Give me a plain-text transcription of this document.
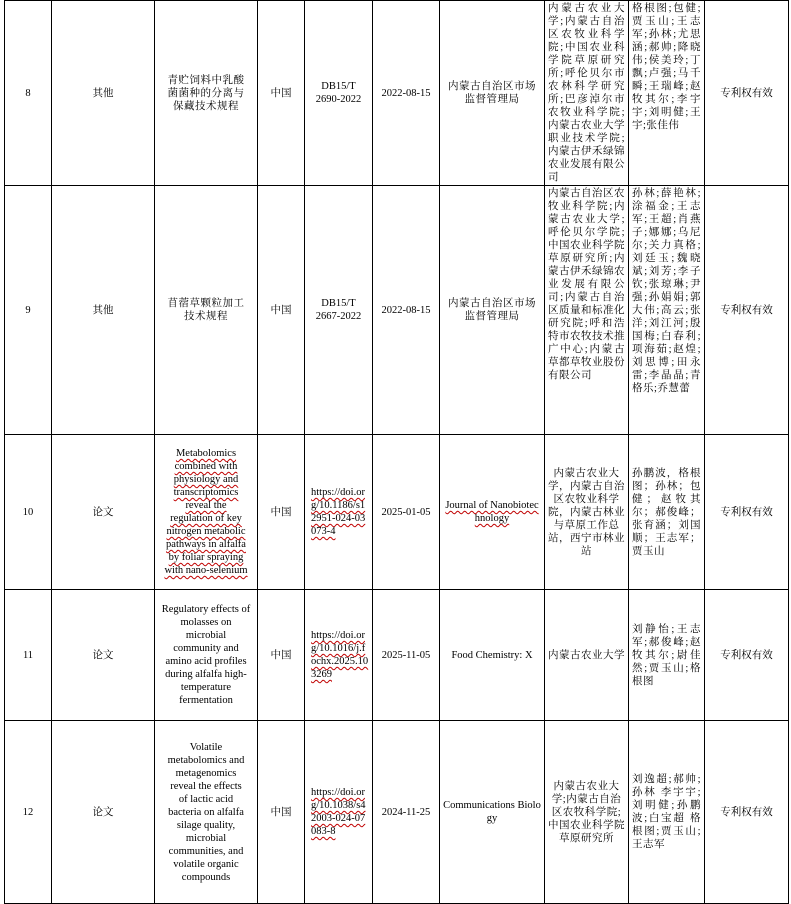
8	其他	青贮饲料中乳酸菌菌种的分离与保藏技术规程	中国	DB15/T 2690-2022	2022-08-15	内蒙古自治区市场监督管理局	内蒙古农业大学;内蒙古自治区农牧业科学院;中国农业科学院草原研究所;呼伦贝尔市农林科学研究所;巴彦淖尔市农牧业科学院;内蒙古农业大学职业技术学院;内蒙古伊禾绿锦农业发展有限公司	格根图;包健;贾玉山;王志军;孙林;尤思涵;郝帅;降晓伟;侯美玲;丁飘;卢强;马千瞬;王瑞峰;赵牧其尔;李宇宇;刘明健;王宇;张佳伟	专利权有效
9	其他	苜蓿草颗粒加工技术规程	中国	DB15/T 2667-2022	2022-08-15	内蒙古自治区市场监督管理局	内蒙古自治区农牧业科学院;内蒙古农业大学;呼伦贝尔学院;中国农业科学院草原研究所;内蒙古伊禾绿锦农业发展有限公司;内蒙古自治区质量和标准化研究院;呼和浩特市农牧技术推广中心;内蒙古草都草牧业股份有限公司	孙林;薛艳林;涂福金;王志军;王超;肖燕子;娜娜;乌尼尔;关力真格;刘廷玉;魏晓斌;刘芳;李子钦;张琼琳;尹强;孙娟娟;郭大伟;高云;张洋;刘江河;殷国梅;白春利;项海茹;赵煌;刘思博;田永雷;李晶晶;青格乐;乔慧蕾	专利权有效
10	论文	Metabolomics combined with physiology and transcriptomics reveal the regulation of key nitrogen metabolic pathways in alfalfa by foliar spraying with nano-selenium	中国	https://doi.org/10.1186/s12951-024-03073-4	2025-01-05	Journal of Nanobiotechnology	内蒙古农业大学，内蒙古自治区农牧业科学院，内蒙古林业与草原工作总站，西宁市林业站	孙鹏波，格根图；孙林；包健；赵牧其尔；郝俊峰；张育涵；刘国顺；王志军；贾玉山	专利权有效
11	论文	Regulatory effects of molasses on microbial community and amino acid profiles during alfalfa high-temperature fermentation	中国	https://doi.org/10.1016/j.fochx.2025.103269	2025-11-05	Food Chemistry: X	内蒙古农业大学	刘静怡;王志军;郝俊峰;赵牧其尔;尉佳然;贾玉山;格根图	专利权有效
12	论文	Volatile metabolomics and metagenomics reveal the effects of lactic acid bacteria on alfalfa silage quality, microbial communities, and volatile organic compounds	中国	https://doi.org/10.1038/s42003-024-07083-8	2024-11-25	Communications Biology	内蒙古农业大学;内蒙古自治区农牧科学院;中国农业科学院草原研究所	刘逸超;郝帅;孙林 李宇宇;刘明健;孙鹏波;白宝超 格根图;贾玉山;王志军	专利权有效
